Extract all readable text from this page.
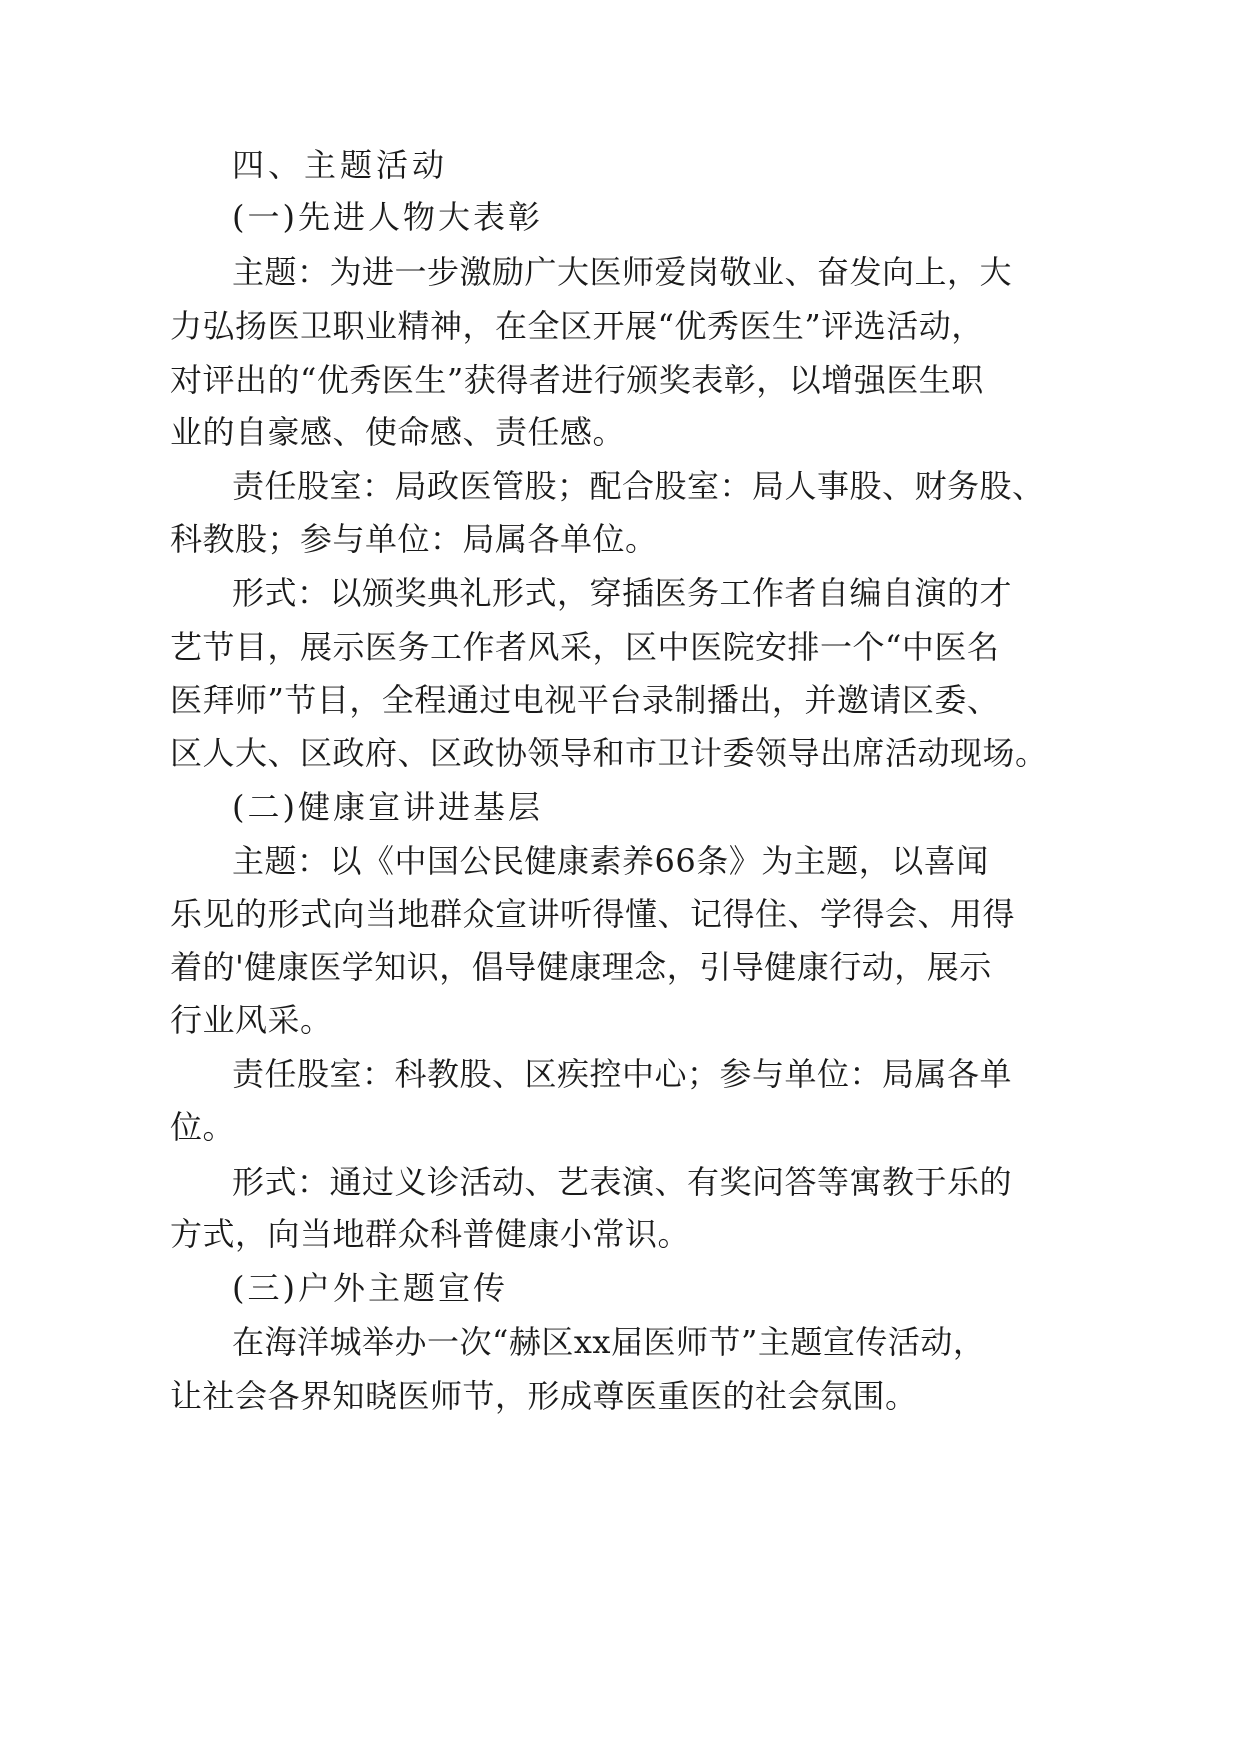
四、主题活动
(一)先进人物大表彰
主题：为进一步激励广大医师爱岗敬业、奋发向上，大
力弘扬医卫职业精神，在全区开展“优秀医生”评选活动，
对评出的“优秀医生”获得者进行颁奖表彰，以增强医生职
业的自豪感、使命感、责任感。
责任股室：局政医管股；配合股室：局人事股、财务股、
科教股；参与单位：局属各单位。
形式：以颁奖典礼形式，穿插医务工作者自编自演的才
艺节目，展示医务工作者风采，区中医院安排一个“中医名
医拜师”节目，全程通过电视平台录制播出，并邀请区委、
区人大、区政府、区政协领导和市卫计委领导出席活动现场。
(二)健康宣讲进基层
主题：以《中国公民健康素养66条》为主题，以喜闻
乐见的形式向当地群众宣讲听得懂、记得住、学得会、用得
着的'健康医学知识，倡导健康理念，引导健康行动，展示
行业风采。
责任股室：科教股、区疾控中心；参与单位：局属各单
位。
形式：通过义诊活动、艺表演、有奖问答等寓教于乐的
方式，向当地群众科普健康小常识。
(三)户外主题宣传
在海洋城举办一次“赫区xx届医师节”主题宣传活动，
让社会各界知晓医师节，形成尊医重医的社会氛围。
